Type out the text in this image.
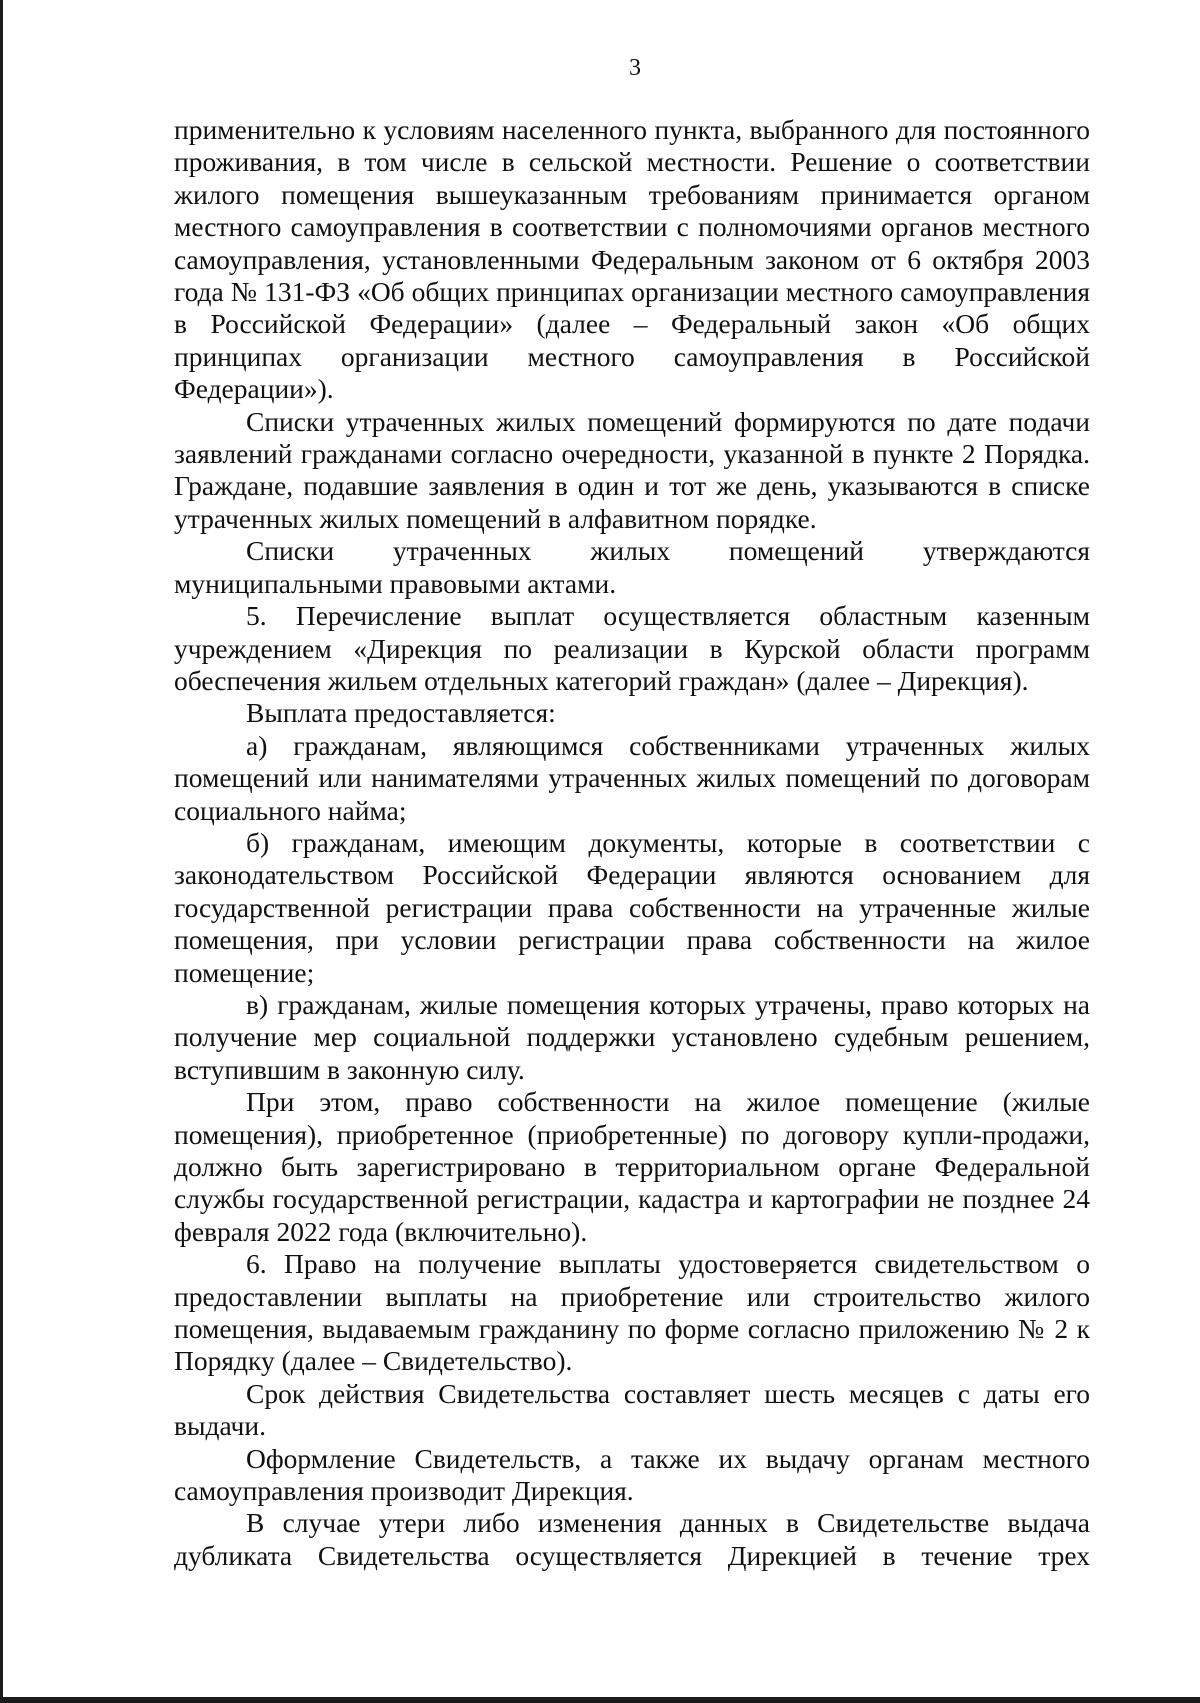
3

применительно к условиям населенного пункта, выбранного для постоянного проживания, в том числе в сельской местности. Решение о соответствии жилого помещения вышеуказанным требованиям принимается органом местного самоуправления в соответствии с полномочиями органов местного самоуправления, установленными Федеральным законом от 6 октября 2003 года № 131-ФЗ «Об общих принципах организации местного самоуправления в Российской Федерации» (далее – Федеральный закон «Об общих принципах организации местного самоуправления в Российской Федерации»).

Списки утраченных жилых помещений формируются по дате подачи заявлений гражданами согласно очередности, указанной в пункте 2 Порядка. Граждане, подавшие заявления в один и тот же день, указываются в списке утраченных жилых помещений в алфавитном порядке.

Списки утраченных жилых помещений утверждаются муниципальными правовыми актами.

5. Перечисление выплат осуществляется областным казенным учреждением «Дирекция по реализации в Курской области программ обеспечения жильем отдельных категорий граждан» (далее – Дирекция).

Выплата предоставляется:

а) гражданам, являющимся собственниками утраченных жилых помещений или нанимателями утраченных жилых помещений по договорам социального найма;

б) гражданам, имеющим документы, которые в соответствии с законодательством Российской Федерации являются основанием для государственной регистрации права собственности на утраченные жилые помещения, при условии регистрации права собственности на жилое помещение;

в) гражданам, жилые помещения которых утрачены, право которых на получение мер социальной поддержки установлено судебным решением, вступившим в законную силу.

При этом, право собственности на жилое помещение (жилые помещения), приобретенное (приобретенные) по договору купли-продажи, должно быть зарегистрировано в территориальном органе Федеральной службы государственной регистрации, кадастра и картографии не позднее 24 февраля 2022 года (включительно).

6. Право на получение выплаты удостоверяется свидетельством о предоставлении выплаты на приобретение или строительство жилого помещения, выдаваемым гражданину по форме согласно приложению № 2 к Порядку (далее – Свидетельство).

Срок действия Свидетельства составляет шесть месяцев с даты его выдачи.

Оформление Свидетельств, а также их выдачу органам местного самоуправления производит Дирекция.

В случае утери либо изменения данных в Свидетельстве выдача дубликата Свидетельства осуществляется Дирекцией в течение трех
